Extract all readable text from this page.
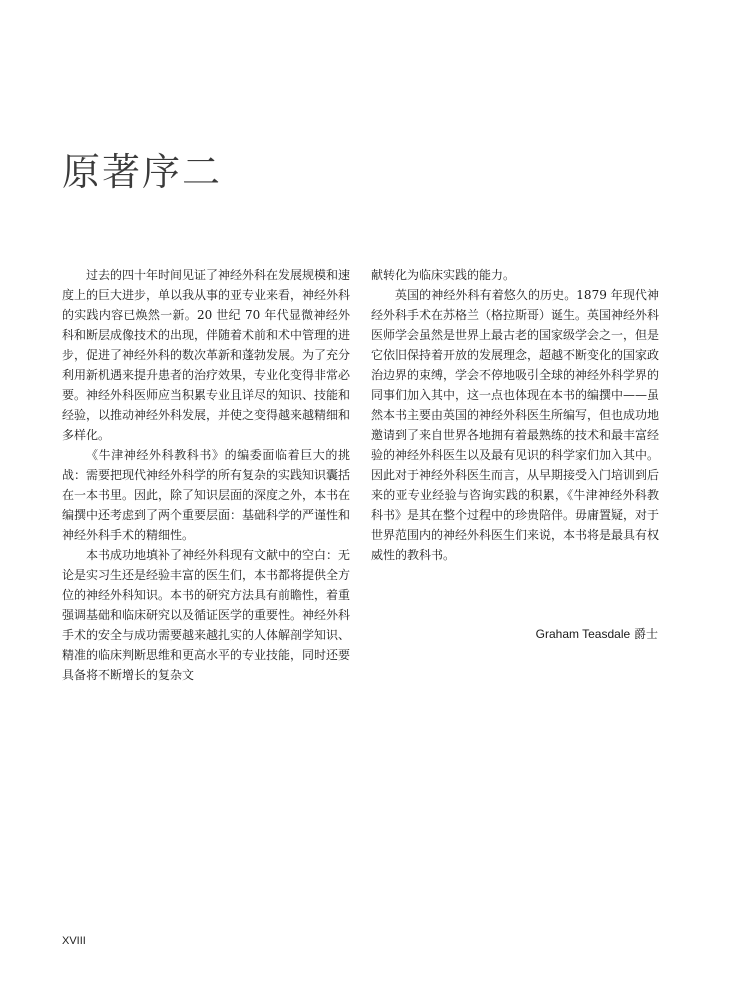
原著序二

过去的四十年时间见证了神经外科在发展规模和速度上的巨大进步，单以我从事的亚专业来看，神经外科的实践内容已焕然一新。20 世纪 70 年代显微神经外科和断层成像技术的出现，伴随着术前和术中管理的进步，促进了神经外科的数次革新和蓬勃发展。为了充分利用新机遇来提升患者的治疗效果，专业化变得非常必要。神经外科医师应当积累专业且详尽的知识、技能和经验，以推动神经外科发展，并使之变得越来越精细和多样化。

《牛津神经外科教科书》的编委面临着巨大的挑战：需要把现代神经外科学的所有复杂的实践知识囊括在一本书里。因此，除了知识层面的深度之外，本书在编撰中还考虑到了两个重要层面：基础科学的严谨性和神经外科手术的精细性。

本书成功地填补了神经外科现有文献中的空白：无论是实习生还是经验丰富的医生们，本书都将提供全方位的神经外科知识。本书的研究方法具有前瞻性，着重强调基础和临床研究以及循证医学的重要性。神经外科手术的安全与成功需要越来越扎实的人体解剖学知识、精准的临床判断思维和更高水平的专业技能，同时还要具备将不断增长的复杂文

献转化为临床实践的能力。

英国的神经外科有着悠久的历史。1879 年现代神经外科手术在苏格兰（格拉斯哥）诞生。英国神经外科医师学会虽然是世界上最古老的国家级学会之一，但是它依旧保持着开放的发展理念，超越不断变化的国家政治边界的束缚，学会不停地吸引全球的神经外科学界的同事们加入其中，这一点也体现在本书的编撰中——虽然本书主要由英国的神经外科医生所编写，但也成功地邀请到了来自世界各地拥有着最熟练的技术和最丰富经验的神经外科医生以及最有见识的科学家们加入其中。因此对于神经外科医生而言，从早期接受入门培训到后来的亚专业经验与咨询实践的积累，《牛津神经外科教科书》是其在整个过程中的珍贵陪伴。毋庸置疑，对于世界范围内的神经外科医生们来说，本书将是最具有权威性的教科书。

Graham Teasdale 爵士
XVIII
